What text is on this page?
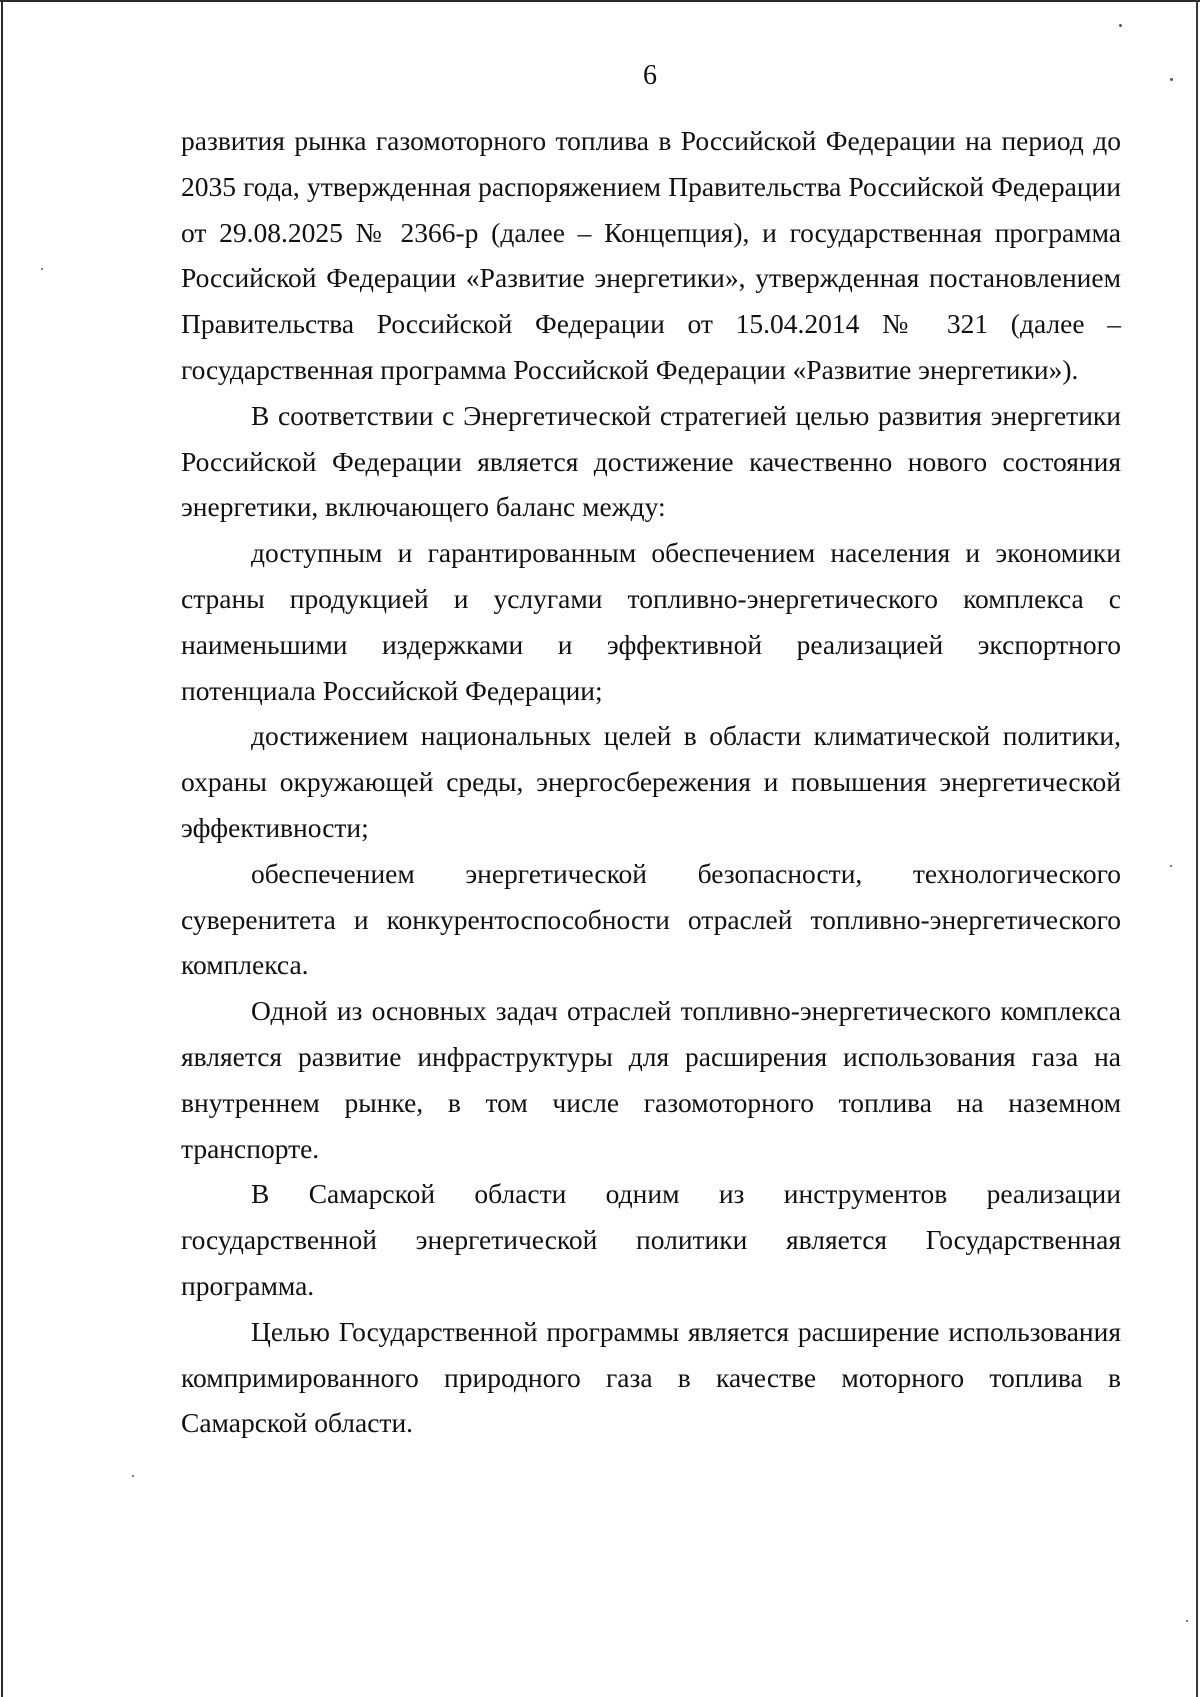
6

развития рынка газомоторного топлива в Российской Федерации на период до 2035 года, утвержденная распоряжением Правительства Российской Федерации от 29.08.2025 № 2366-р (далее – Концепция), и государственная программа Российской Федерации «Развитие энергетики», утвержденная постановлением Правительства Российской Федерации от 15.04.2014 № 321 (далее – государственная программа Российской Федерации «Развитие энергетики»).

В соответствии с Энергетической стратегией целью развития энергетики Российской Федерации является достижение качественно нового состояния энергетики, включающего баланс между:

доступным и гарантированным обеспечением населения и экономики страны продукцией и услугами топливно-энергетического комплекса с наименьшими издержками и эффективной реализацией экспортного потенциала Российской Федерации;

достижением национальных целей в области климатической политики, охраны окружающей среды, энергосбережения и повышения энергетической эффективности;

обеспечением энергетической безопасности, технологического суверенитета и конкурентоспособности отраслей топливно-энергетического комплекса.

Одной из основных задач отраслей топливно-энергетического комплекса является развитие инфраструктуры для расширения использования газа на внутреннем рынке, в том числе газомоторного топлива на наземном транспорте.

В Самарской области одним из инструментов реализации государственной энергетической политики является Государственная программа.

Целью Государственной программы является расширение использования компримированного природного газа в качестве моторного топлива в Самарской области.
